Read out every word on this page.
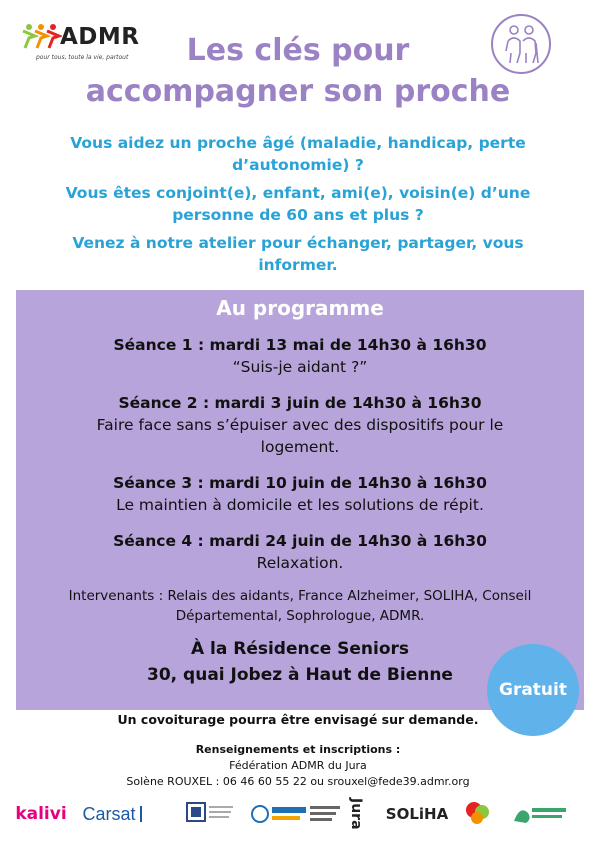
ADMR
pour tous, toute la vie, partout	Les clés pour
accompagner son proche

Vous aidez un proche âgé (maladie, handicap, perte d’autonomie) ?

Vous êtes conjoint(e), enfant, ami(e), voisin(e) d’une personne de 60 ans et plus ?

Venez à notre atelier pour échanger, partager, vous informer.

Au programme
Séance 1 : mardi 13 mai de 14h30 à 16h30
“Suis-je aidant ?”
Séance 2 : mardi 3 juin de 14h30 à 16h30
Faire face sans s’épuiser avec des dispositifs pour le logement.
Séance 3 : mardi 10 juin de 14h30 à 16h30
Le maintien à domicile et les solutions de répit.
Séance 4 : mardi 24 juin de 14h30 à 16h30
Relaxation.
Intervenants : Relais des aidants, France Alzheimer, SOLIHA, Conseil Départemental, Sophrologue, ADMR.
À la Résidence Seniors
30, quai Jobez à Haut de Bienne
Gratuit
Un covoiturage pourra être envisagé sur demande.
Renseignements et inscriptions :
Fédération ADMR du Jura
Solène ROUXEL : 06 46 60 55 22 ou srouxel@fede39.admr.org
kalivi Carsat	Jura SOLiHA
